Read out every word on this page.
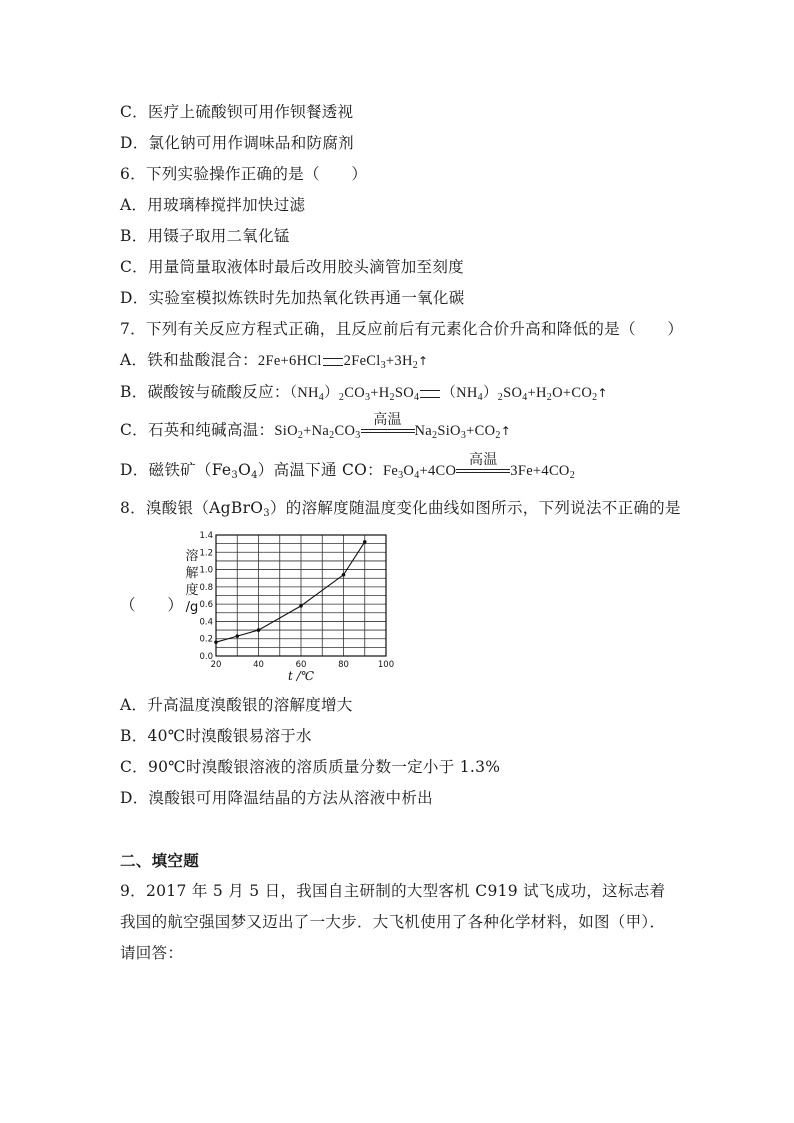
C．医疗上硫酸钡可用作钡餐透视
D．氯化钠可用作调味品和防腐剂
6．下列实验操作正确的是（　　）
A．用玻璃棒搅拌加快过滤
B．用镊子取用二氧化锰
C．用量筒量取液体时最后改用胶头滴管加至刻度
D．实验室模拟炼铁时先加热氧化铁再通一氧化碳
7．下列有关反应方程式正确，且反应前后有元素化合价升高和降低的是（　　）
A．铁和盐酸混合：2Fe+6HCl $2FeCl_3+3H_2↑$
B．碳酸铵与硫酸反应：$(NH_4)_2CO_3+H_2SO_4$ $(NH_4)_2SO_4+H_2O+CO_2↑$
C．石英和纯碱高温：$SiO_2+Na_2CO_3$
高温
$Na_2SiO_3+CO_2↑$
D．磁铁矿$(Fe_3O_4)$高温下通 CO：$Fe_3O_4+4CO$
高温
$3Fe+4CO_2$
8．溴酸银（AgBrO$_3$）的溶解度随温度变化曲线如图所示，下列说法不正确的是
（　　）
0.0
0.2
0.4
0.6
0.8
1.0
1.2
1.4
20	40	60	80	100
溶
解
度
/g
t /℃
A．升高温度溴酸银的溶解度增大
B．40℃时溴酸银易溶于水
C．90℃时溴酸银溶液的溶质质量分数一定小于 1.3%
D．溴酸银可用降温结晶的方法从溶液中析出
二、填空题
9．2017 年 5 月 5 日，我国自主研制的大型客机 C919 试飞成功，这标志着我国的航空强国梦又迈出了一大步．大飞机使用了各种化学材料，如图（甲）．请回答：
